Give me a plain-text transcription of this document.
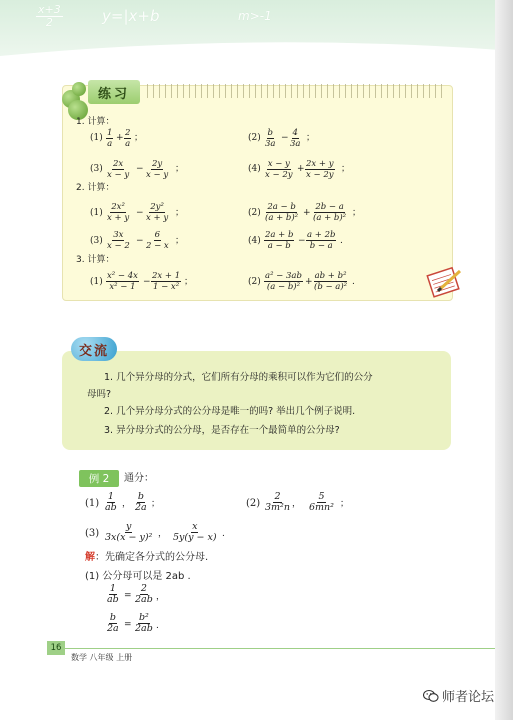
x+3
2	y=|x+b	m>-1
练习
1. 计算：
$(1) \frac{1}{a} + \frac{2}{a}$ ；	$(2) \frac{b}{3a} - \frac{4}{3a}$ ；
$(3) \frac{2x}{x - y} - \frac{2y}{x - y}$ ；	$(4) \frac{x - y}{x - 2y} + \frac{2x + y}{x - 2y}$ ；
2. 计算：
$(1) \frac{\text{2x²}}{x + y} - \frac{\text{2y²}}{x + y}$ ；	$(2) \frac{2a - b}{\text{(a + b)²}} + \frac{2b - a}{\text{(a + b)²}}$ ；
$(3) \frac{3x}{x - 2} - \frac{6}{2 - x}$ ；	$(4) \frac{2a + b}{a - b} - \frac{a + 2b}{b - a}$ .
3. 计算：
$(1) \frac{\text{x² − 4x}}{\text{x² − 1}} - \frac{2x + 1}{\text{1 − x²}}$ ；	$(2) \frac{\text{a² − 3ab}}{\text{(a − b)²}} + \frac{\text{ab + b²}}{\text{(b − a)²}}$ .
交流
1. 几个异分母的分式，它们所有分母的乘积可以作为它们的公分
母吗?
2. 几个异分母分式的公分母是唯一的吗? 举出几个例子说明.
3. 异分母分式的公分母，是否存在一个最简单的公分母?
例 2 通分：
$(1) \frac{1}{ab}$ ， $\frac{b}{2a}$ ；	$(2) \frac{2}{\text{3m²n}}$ ， $\frac{5}{\text{6mn²}}$ ；
$(3) \frac{y}{\text{3x(x − y)²}}$ ， $\frac{x}{5y(y - x)}$ .
解：先确定各分式的公分母.
(1) 公分母可以是 2ab .
$\frac{1}{ab} = \frac{2}{2ab}$ ，
$\frac{b}{2a} = \frac{\text{b²}}{2ab}$ .
16
数学 八年级 上册
师者论坛
